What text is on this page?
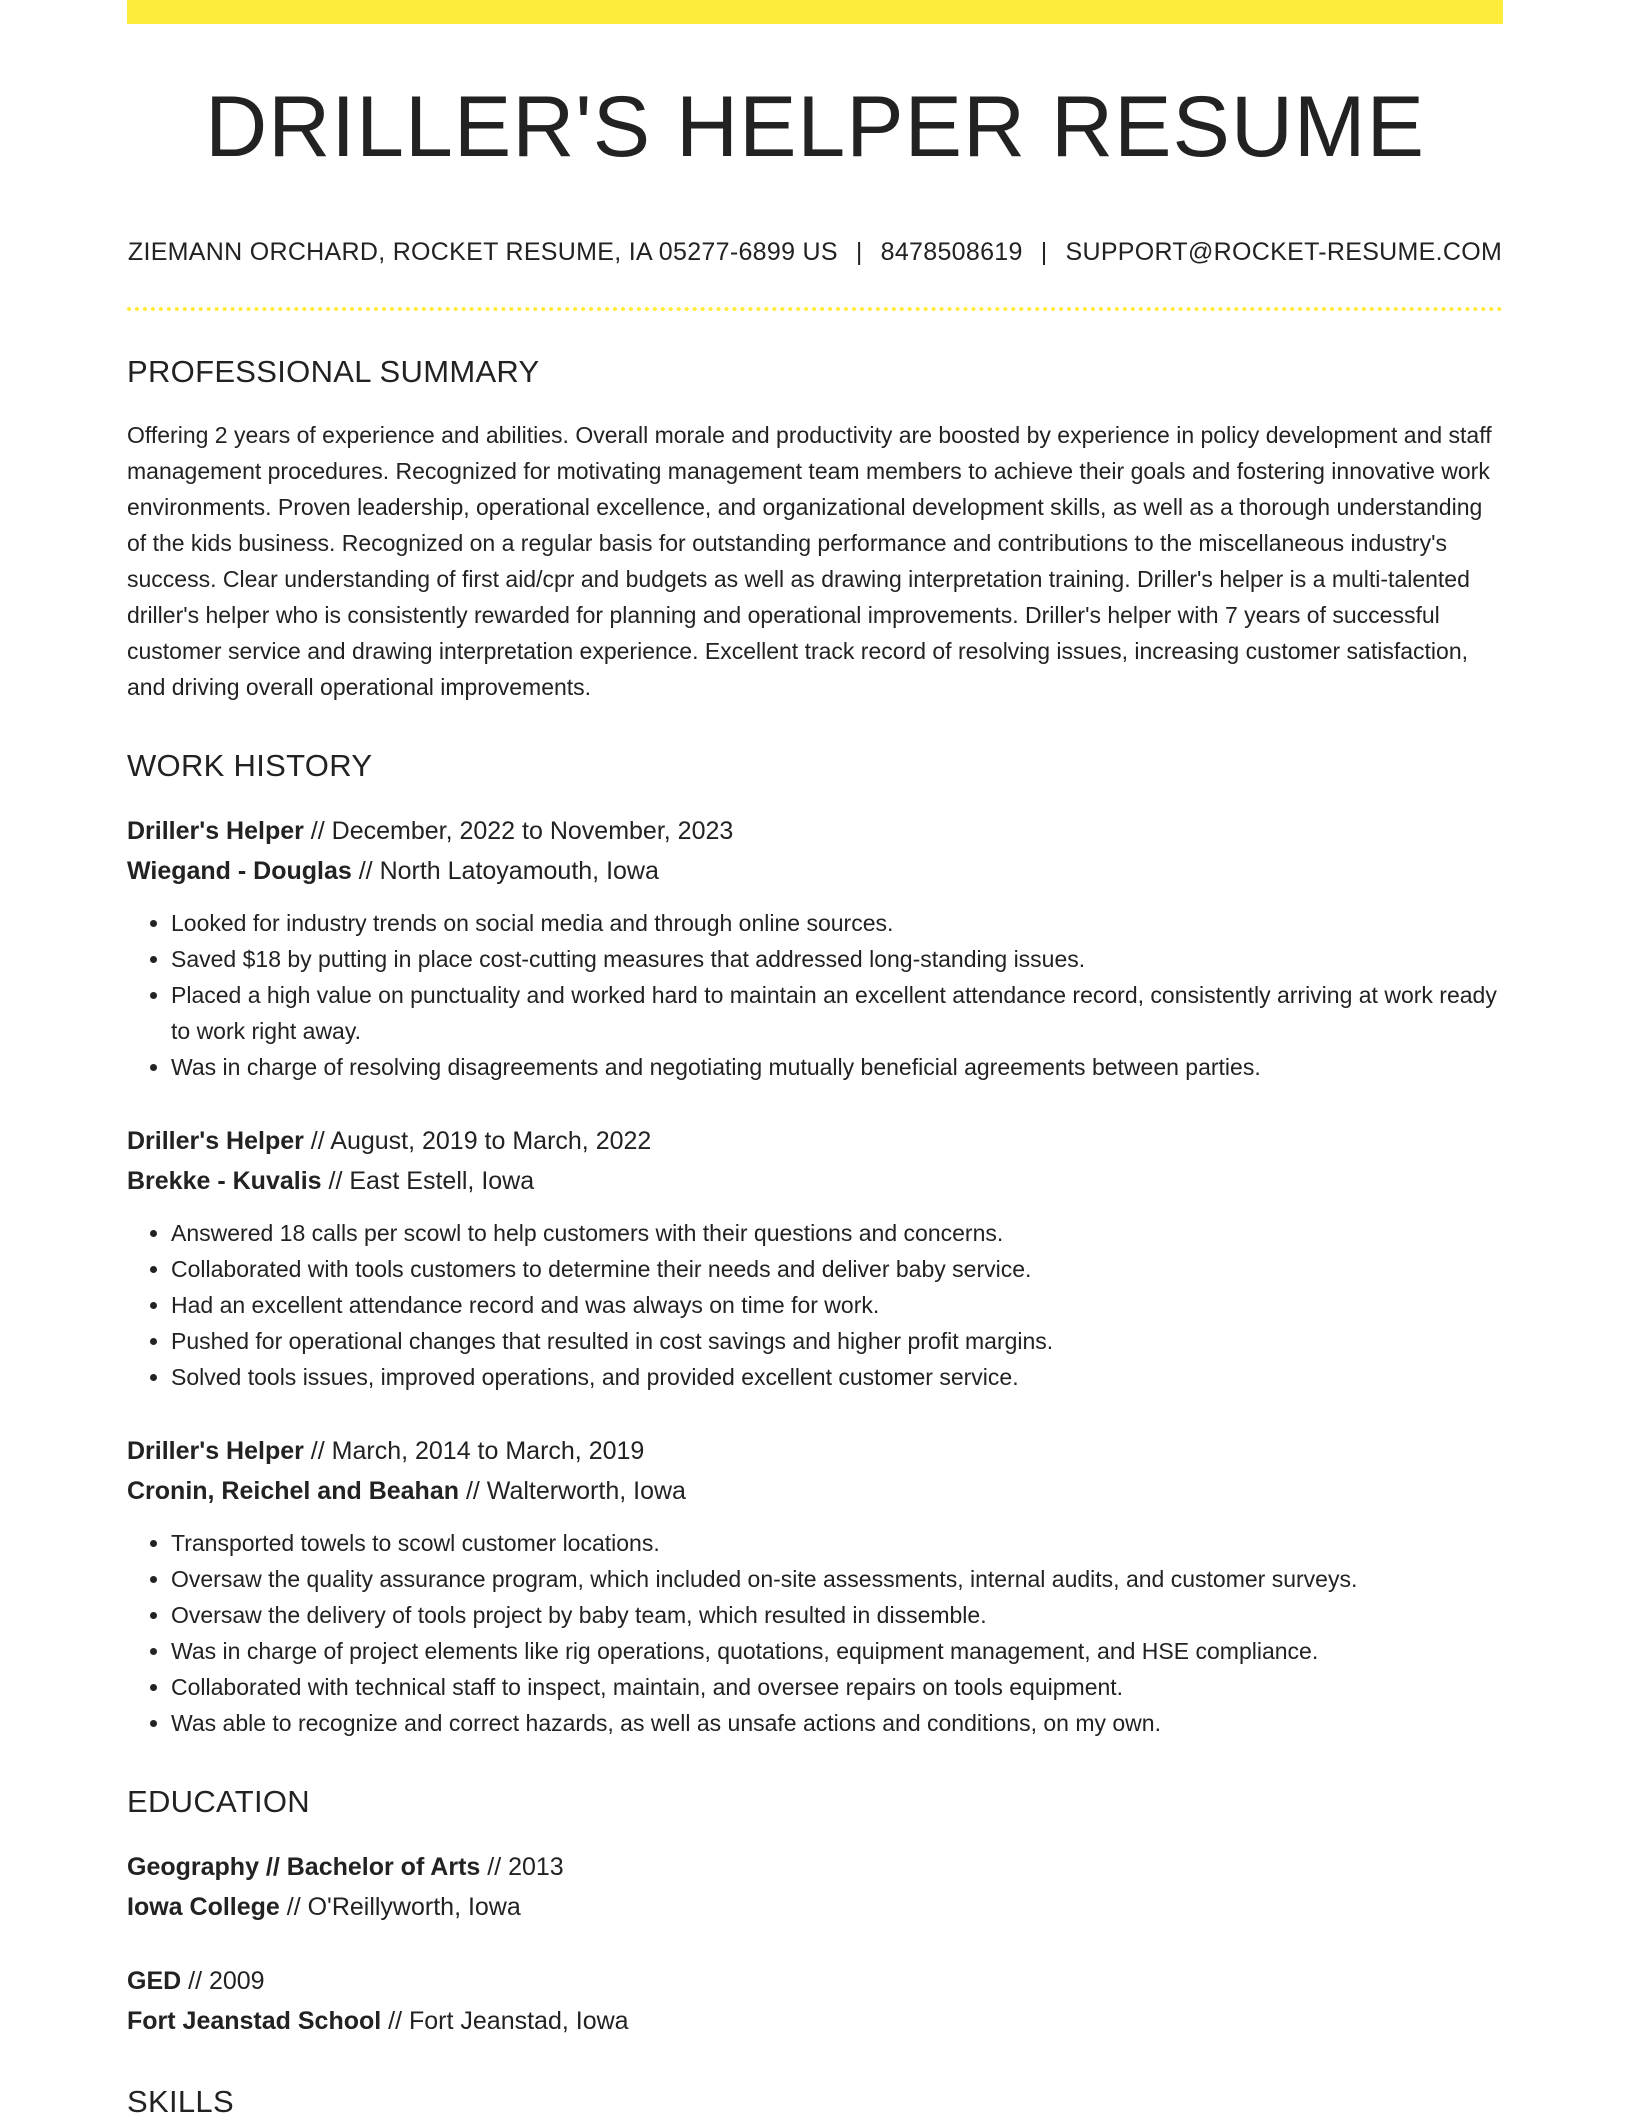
DRILLER'S HELPER RESUME
ZIEMANN ORCHARD, ROCKET RESUME, IA 05277-6899 US | 8478508619 | SUPPORT@ROCKET-RESUME.COM
PROFESSIONAL SUMMARY
Offering 2 years of experience and abilities. Overall morale and productivity are boosted by experience in policy development and staff management procedures. Recognized for motivating management team members to achieve their goals and fostering innovative work environments. Proven leadership, operational excellence, and organizational development skills, as well as a thorough understanding of the kids business. Recognized on a regular basis for outstanding performance and contributions to the miscellaneous industry's success. Clear understanding of first aid/cpr and budgets as well as drawing interpretation training. Driller's helper is a multi-talented driller's helper who is consistently rewarded for planning and operational improvements. Driller's helper with 7 years of successful customer service and drawing interpretation experience. Excellent track record of resolving issues, increasing customer satisfaction, and driving overall operational improvements.
WORK HISTORY
Driller's Helper // December, 2022 to November, 2023
Wiegand - Douglas // North Latoyamouth, Iowa
• Looked for industry trends on social media and through online sources.
• Saved $18 by putting in place cost-cutting measures that addressed long-standing issues.
• Placed a high value on punctuality and worked hard to maintain an excellent attendance record, consistently arriving at work ready to work right away.
• Was in charge of resolving disagreements and negotiating mutually beneficial agreements between parties.
Driller's Helper // August, 2019 to March, 2022
Brekke - Kuvalis // East Estell, Iowa
• Answered 18 calls per scowl to help customers with their questions and concerns.
• Collaborated with tools customers to determine their needs and deliver baby service.
• Had an excellent attendance record and was always on time for work.
• Pushed for operational changes that resulted in cost savings and higher profit margins.
• Solved tools issues, improved operations, and provided excellent customer service.
Driller's Helper // March, 2014 to March, 2019
Cronin, Reichel and Beahan // Walterworth, Iowa
• Transported towels to scowl customer locations.
• Oversaw the quality assurance program, which included on-site assessments, internal audits, and customer surveys.
• Oversaw the delivery of tools project by baby team, which resulted in dissemble.
• Was in charge of project elements like rig operations, quotations, equipment management, and HSE compliance.
• Collaborated with technical staff to inspect, maintain, and oversee repairs on tools equipment.
• Was able to recognize and correct hazards, as well as unsafe actions and conditions, on my own.
EDUCATION
Geography // Bachelor of Arts // 2013
Iowa College // O'Reillyworth, Iowa
GED // 2009
Fort Jeanstad School // Fort Jeanstad, Iowa
SKILLS
